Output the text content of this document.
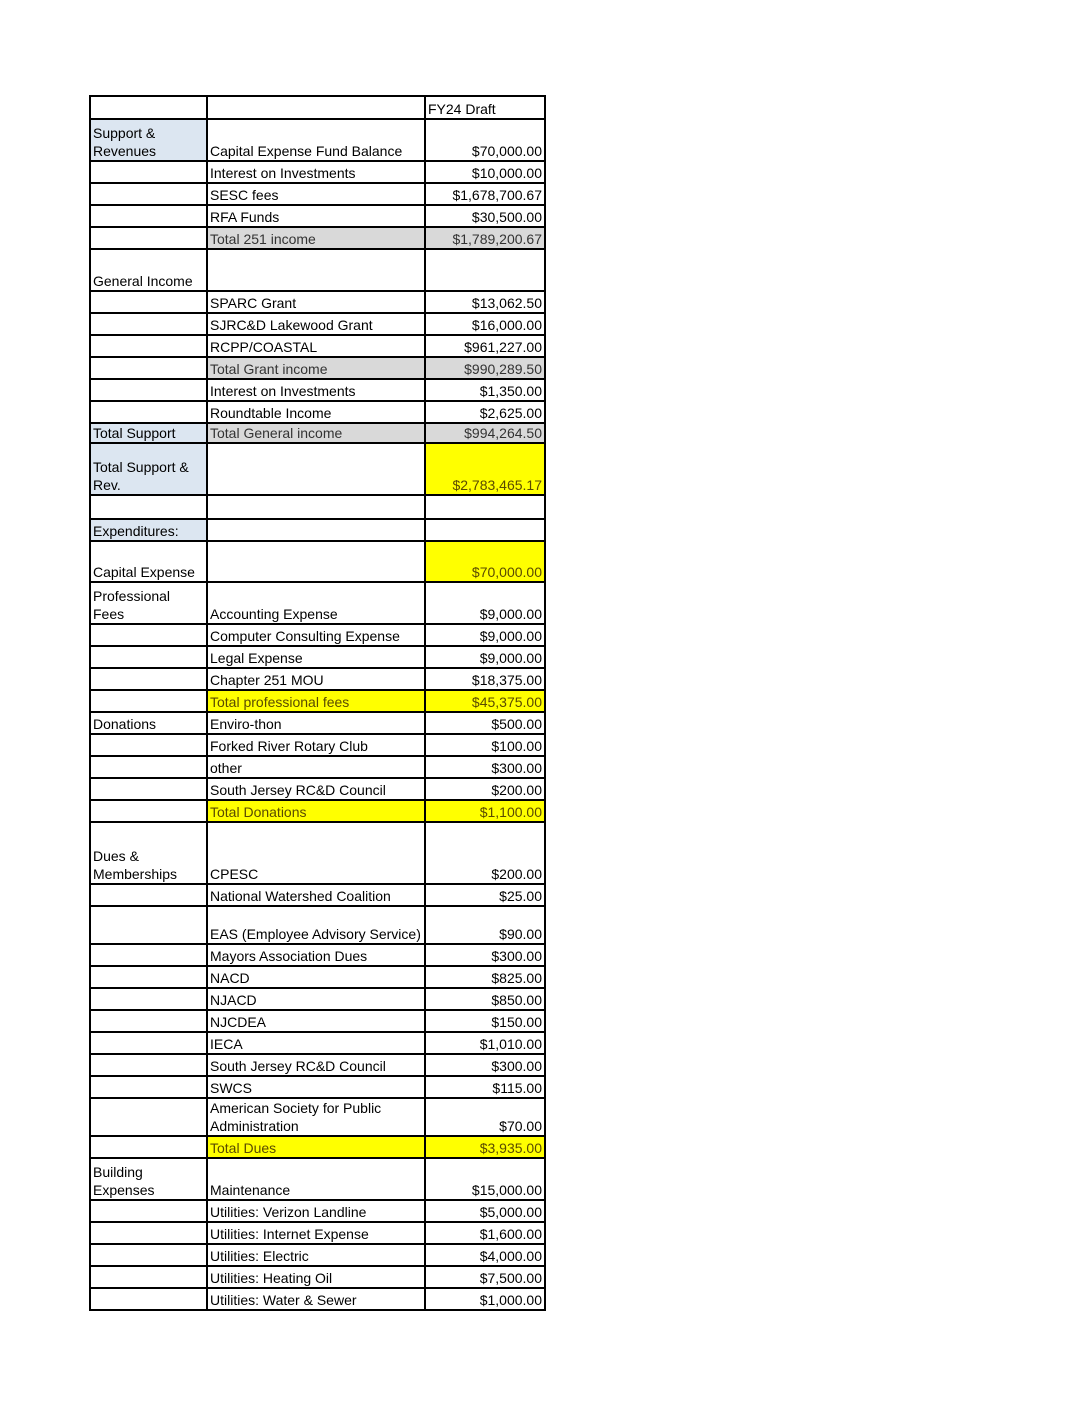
		FY24 Draft
Support & Revenues	Capital Expense Fund Balance	$70,000.00
	Interest on Investments	$10,000.00
	SESC fees	$1,678,700.67
	RFA Funds	$30,500.00
	Total 251 income	$1,789,200.67
General Income		
	SPARC Grant	$13,062.50
	SJRC&D Lakewood Grant	$16,000.00
	RCPP/COASTAL	$961,227.00
	Total Grant income	$990,289.50
	Interest on Investments	$1,350.00
	Roundtable Income	$2,625.00
Total Support	Total General income	$994,264.50
Total Support & Rev.		$2,783,465.17

Expenditures:		
Capital Expense		$70,000.00
Professional Fees	Accounting Expense	$9,000.00
	Computer Consulting Expense	$9,000.00
	Legal Expense	$9,000.00
	Chapter 251 MOU	$18,375.00
	Total professional fees	$45,375.00
Donations	Enviro-thon	$500.00
	Forked River Rotary Club	$100.00
	other	$300.00
	South Jersey RC&D Council	$200.00
	Total Donations	$1,100.00
Dues & Memberships	CPESC	$200.00
	National Watershed Coalition	$25.00
	EAS (Employee Advisory Service)	$90.00
	Mayors Association Dues	$300.00
	NACD	$825.00
	NJACD	$850.00
	NJCDEA	$150.00
	IECA	$1,010.00
	South Jersey RC&D Council	$300.00
	SWCS	$115.00
	American Society for Public Administration	$70.00
	Total Dues	$3,935.00
Building Expenses	Maintenance	$15,000.00
	Utilities: Verizon Landline	$5,000.00
	Utilities: Internet Expense	$1,600.00
	Utilities: Electric	$4,000.00
	Utilities: Heating Oil	$7,500.00
	Utilities: Water & Sewer	$1,000.00
